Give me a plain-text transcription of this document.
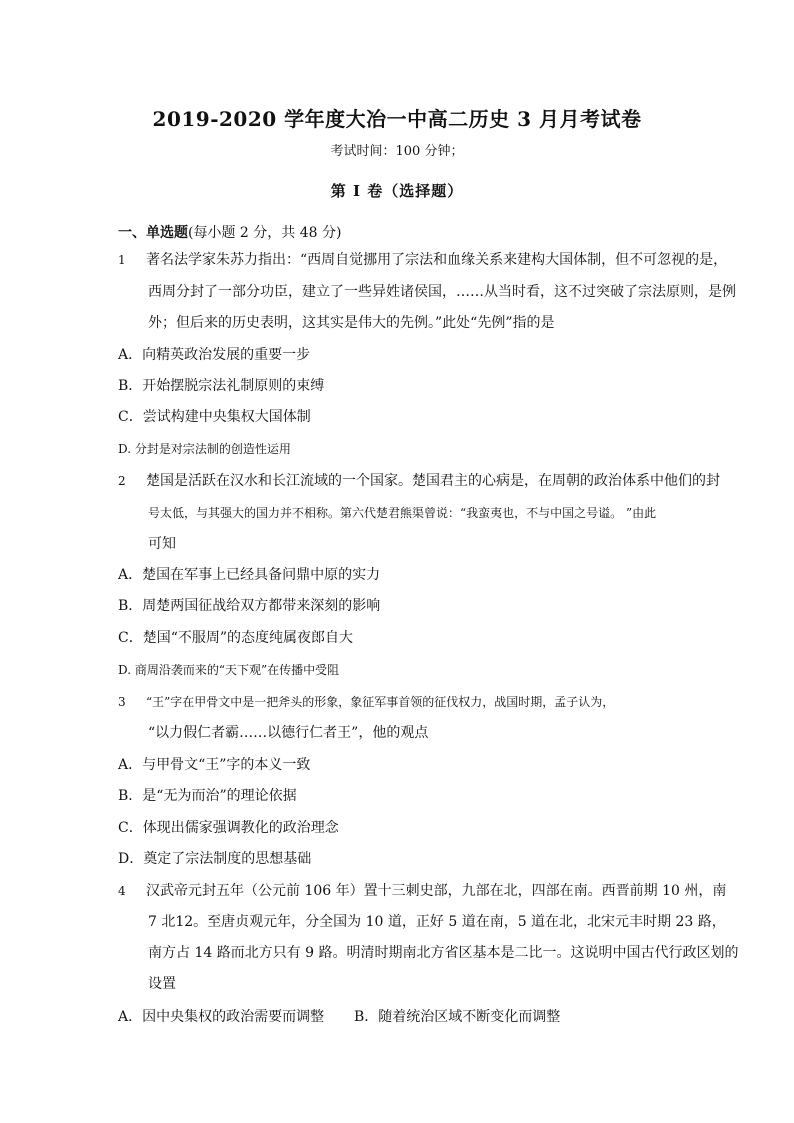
2019-2020 学年度大冶一中高二历史 3 月月考试卷
考试时间：100 分钟；
第 I 卷（选择题）
一、单选题(每小题 2 分，共 48 分)
1 著名法学家朱苏力指出：“西周自觉挪用了宗法和血缘关系来建构大国体制，但不可忽视的是，
西周分封了一部分功臣，建立了一些异姓诸侯国，……从当时看，这不过突破了宗法原则，是例
外；但后来的历史表明，这其实是伟大的先例。”此处“先例”指的是
A．向精英政治发展的重要一步
B．开始摆脱宗法礼制原则的束缚
C．尝试构建中央集权大国体制
D. 分封是对宗法制的创造性运用
2 楚国是活跃在汉水和长江流域的一个国家。楚国君主的心病是，在周朝的政治体系中他们的封
号太低，与其强大的国力并不相称。第六代楚君熊渠曾说：“我蛮夷也，不与中国之号谥。 ”由此
可知
A．楚国在军事上已经具备问鼎中原的实力
B．周楚两国征战给双方都带来深刻的影响
C．楚国“不服周”的态度纯属夜郎自大
D. 商周沿袭而来的“天下观”在传播中受阻
3 “王”字在甲骨文中是一把斧头的形象，象征军事首领的征伐权力，战国时期，孟子认为，
“以力假仁者霸……以德行仁者王”，他的观点
A．与甲骨文“王”字的本义一致
B．是“无为而治”的理论依据
C．体现出儒家强调教化的政治理念
D．奠定了宗法制度的思想基础
4 汉武帝元封五年（公元前 106 年）置十三刺史部，九部在北，四部在南。西晋前期 10 州，南
7 北12。至唐贞观元年，分全国为 10 道，正好 5 道在南，5 道在北，北宋元丰时期 23 路，
南方占 14 路而北方只有 9 路。明清时期南北方省区基本是二比一。这说明中国古代行政区划的
设置
A．因中央集权的政治需要而调整 B．随着统治区域不断变化而调整
